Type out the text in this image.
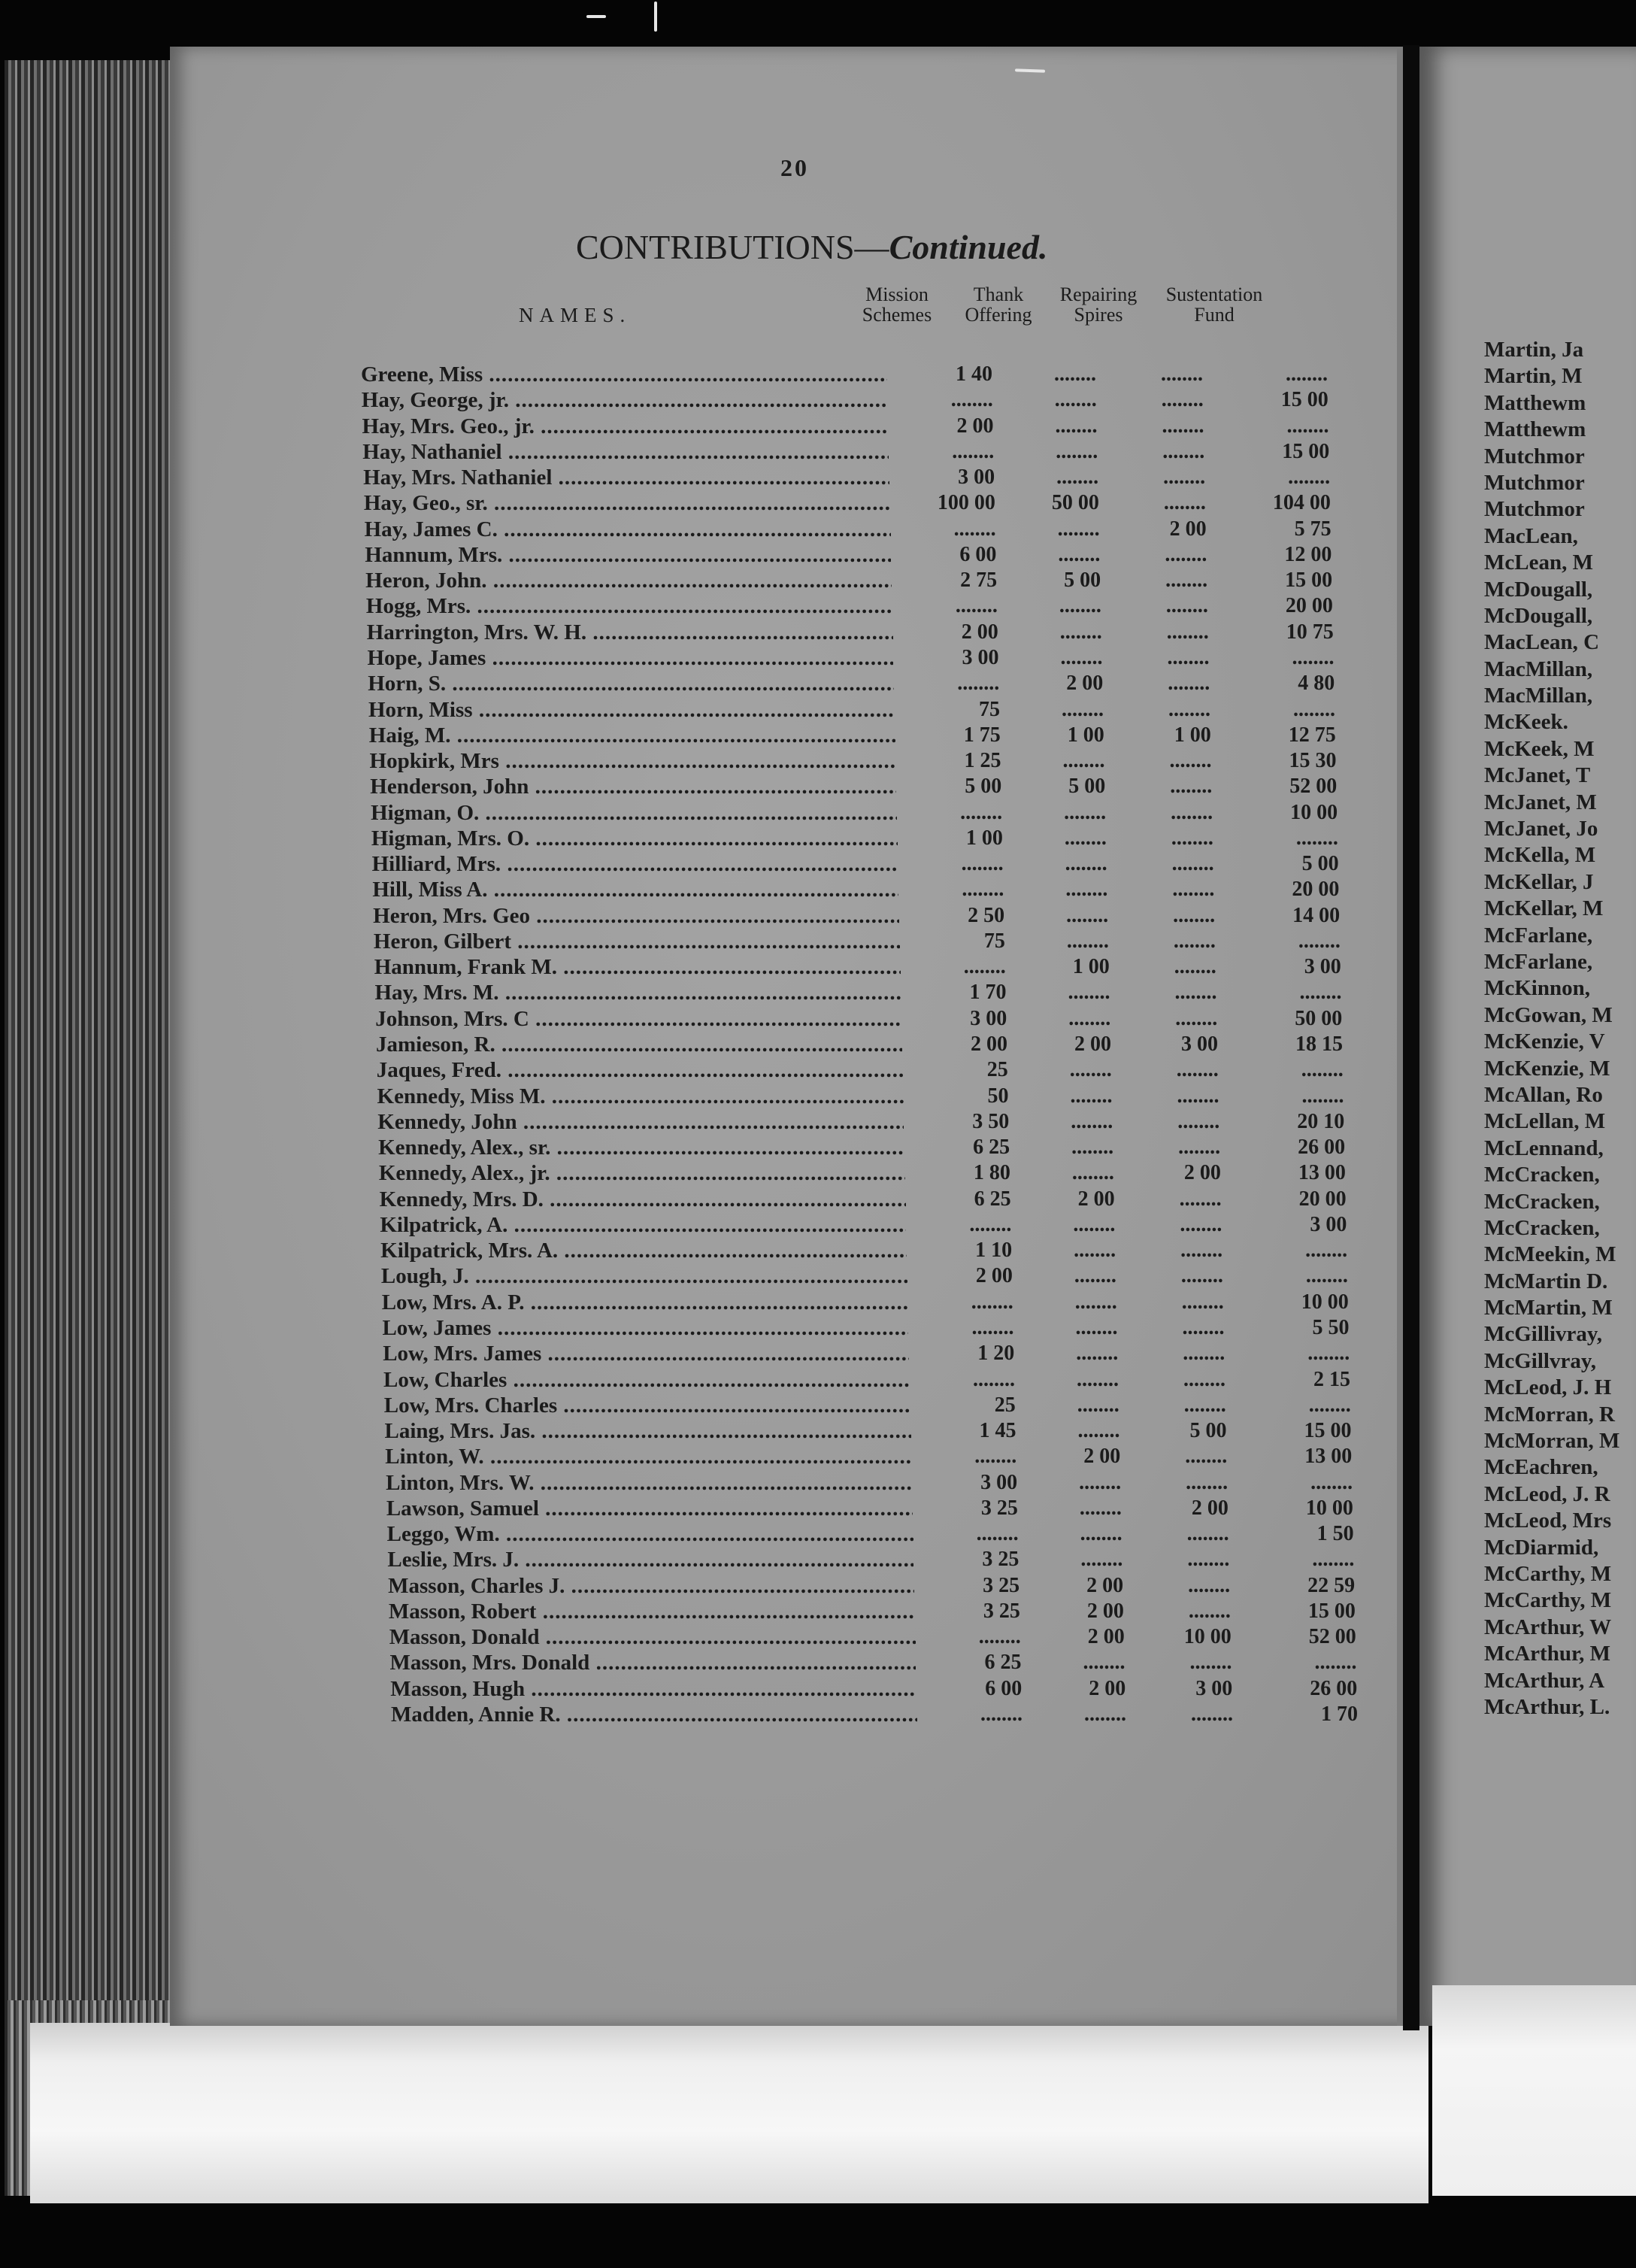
20
CONTRIBUTIONS—Continued.
NAMES.
Mission
Schemes
Thank
Offering
Repairing
Spires
Sustentation
Fund
Greene, Miss .....	1 40	........	........	........
Hay, George, jr. .....	........	........	........	15 00
Hay, Mrs. Geo., jr. .....	2 00	........	........	........
Hay, Nathaniel .....	........	........	........	15 00
Hay, Mrs. Nathaniel .....	3 00	........	........	........
Hay, Geo., sr. .....	100 00	50 00	........	104 00
Hay, James C. .....	........	........	2 00	5 75
Hannum, Mrs. .....	6 00	........	........	12 00
Heron, John. .....	2 75	5 00	........	15 00
Hogg, Mrs. .....	........	........	........	20 00
Harrington, Mrs. W. H. .....	2 00	........	........	10 75
Hope, James .....	3 00	........	........	........
Horn, S. .....	........	2 00	........	4 80
Horn, Miss .....	75	........	........	........
Haig, M. .....	1 75	1 00	1 00	12 75
Hopkirk, Mrs .....	1 25	........	........	15 30
Henderson, John .....	5 00	5 00	........	52 00
Higman, O. .....	........	........	........	10 00
Higman, Mrs. O. .....	1 00	........	........	........
Hilliard, Mrs. .....	........	........	........	5 00
Hill, Miss A. .....	........	........	........	20 00
Heron, Mrs. Geo .....	2 50	........	........	14 00
Heron, Gilbert .....	75	........	........	........
Hannum, Frank M. .....	........	1 00	........	3 00
Hay, Mrs. M. .....	1 70	........	........	........
Johnson, Mrs. C .....	3 00	........	........	50 00
Jamieson, R. .....	2 00	2 00	3 00	18 15
Jaques, Fred. .....	25	........	........	........
Kennedy, Miss M. .....	50	........	........	........
Kennedy, John .....	3 50	........	........	20 10
Kennedy, Alex., sr. .....	6 25	........	........	26 00
Kennedy, Alex., jr. .....	1 80	........	2 00	13 00
Kennedy, Mrs. D. .....	6 25	2 00	........	20 00
Kilpatrick, A. .....	........	........	........	3 00
Kilpatrick, Mrs. A. .....	1 10	........	........	........
Lough, J. .....	2 00	........	........	........
Low, Mrs. A. P. .....	........	........	........	10 00
Low, James .....	........	........	........	5 50
Low, Mrs. James .....	1 20	........	........	........
Low, Charles .....	........	........	........	2 15
Low, Mrs. Charles .....	25	........	........	........
Laing, Mrs. Jas. .....	1 45	........	5 00	15 00
Linton, W. .....	........	2 00	........	13 00
Linton, Mrs. W. .....	3 00	........	........	........
Lawson, Samuel .....	3 25	........	2 00	10 00
Leggo, Wm. .....	........	........	........	1 50
Leslie, Mrs. J. .....	3 25	........	........	........
Masson, Charles J. .....	3 25	2 00	........	22 59
Masson, Robert .....	3 25	2 00	........	15 00
Masson, Donald .....	........	2 00	10 00	52 00
Masson, Mrs. Donald .....	6 25	........	........	........
Masson, Hugh .....	6 00	2 00	3 00	26 00
Madden, Annie R. .....	........	........	........	1 70
Martin, Ja
Martin, M
Matthewm
Matthewm
Mutchmor
Mutchmor
Mutchmor
MacLean,
McLean, M
McDougall,
McDougall,
MacLean, C
MacMillan,
MacMillan,
McKeek.
McKeek, M
McJanet, T
McJanet, M
McJanet, Jo
McKella, M
McKellar, J
McKellar, M
McFarlane,
McFarlane,
McKinnon,
McGowan, M
McKenzie, V
McKenzie, M
McAllan, Ro
McLellan, M
McLennand,
McCracken,
McCracken,
McCracken,
McMeekin, M
McMartin D.
McMartin, M
McGillivray,
McGillvray,
McLeod, J. H
McMorran, R
McMorran, M
McEachren,
McLeod, J. R
McLeod, Mrs
McDiarmid,
McCarthy, M
McCarthy, M
McArthur, W
McArthur, M
McArthur, A
McArthur, L.
